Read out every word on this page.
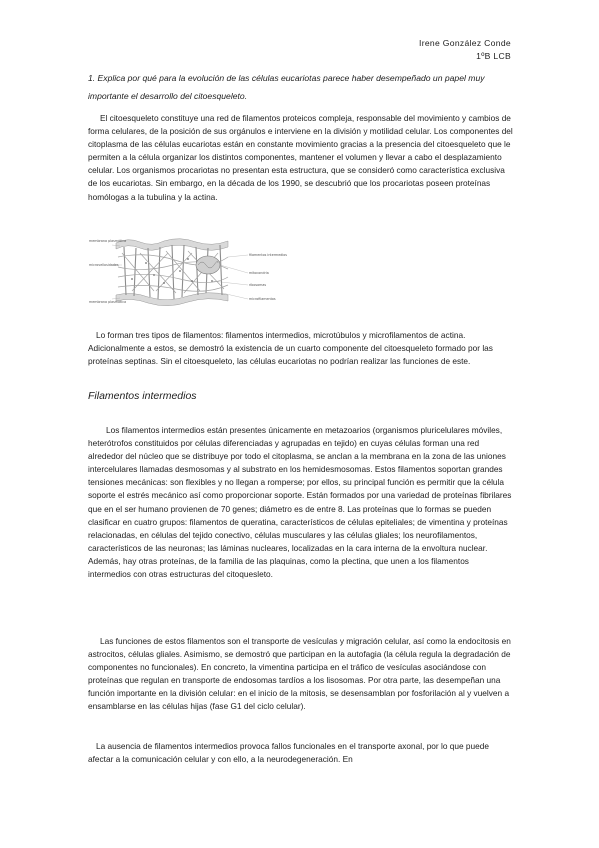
Irene González Conde
1ºB LCB

1. Explica por qué para la evolución de las células eucariotas parece haber desempeñado un papel muy importante el desarrollo del citoesqueleto.

El citoesqueleto constituye una red de filamentos proteicos compleja, responsable del movimiento y cambios de forma celulares, de la posición de sus orgánulos e interviene en la división y motilidad celular. Los componentes del citoplasma de las células eucariotas están en constante movimiento gracias a la presencia del citoesqueleto que le permiten a la célula organizar los distintos componentes, mantener el volumen y llevar a cabo el desplazamiento celular. Los organismos procariotas no presentan esta estructura, que se consideró como característica exclusiva de los eucariotas. Sin embargo, en la década de los 1990, se descubrió que los procariotas poseen proteínas homólogas a la tubulina y la actina.

membrana plasmática
microvellosidades
membrana plasmática
filamentos intermedios
mitocondria
ribosomas
microfilamentos

Lo forman tres tipos de filamentos: filamentos intermedios, microtúbulos y microfilamentos de actina. Adicionalmente a estos, se demostró la existencia de un cuarto componente del citoesqueleto formado por las proteínas septinas. Sin el citoesqueleto, las células eucariotas no podrían realizar las funciones de este.

Filamentos intermedios

Los filamentos intermedios están presentes únicamente en metazoarios (organismos pluricelulares móviles, heterótrofos constituidos por células diferenciadas y agrupadas en tejido) en cuyas células forman una red alrededor del núcleo que se distribuye por todo el citoplasma, se anclan a la membrana en la zona de las uniones intercelulares llamadas desmosomas y al substrato en los hemidesmosomas. Estos filamentos soportan grandes tensiones mecánicas: son flexibles y no llegan a romperse; por ellos, su principal función es permitir que la célula soporte el estrés mecánico así como proporcionar soporte. Están formados por una variedad de proteínas fibrilares que en el ser humano provienen de 70 genes; diámetro es de entre 8. Las proteínas que lo formas se pueden clasificar en cuatro grupos: filamentos de queratina, característicos de células epiteliales; de vimentina y proteínas relacionadas, en células del tejido conectivo, células musculares y las células gliales; los neurofilamentos, característicos de las neuronas; las láminas nucleares, localizadas en la cara interna de la envoltura nuclear. Además, hay otras proteínas, de la familia de las plaquinas, como la plectina, que unen a los filamentos intermedios con otras estructuras del citoquesleto.

Las funciones de estos filamentos son el transporte de vesículas y migración celular, así como la endocitosis en astrocitos, células gliales. Asimismo, se demostró que participan en la autofagia (la célula regula la degradación de componentes no funcionales). En concreto, la vimentina participa en el tráfico de vesículas asociándose con proteínas que regulan en transporte de endosomas tardíos a los lisosomas. Por otra parte, las desempeñan una función importante en la división celular: en el inicio de la mitosis, se desensamblan por fosforilación al y vuelven a ensamblarse en las células hijas (fase G1 del ciclo celular).

La ausencia de filamentos intermedios provoca fallos funcionales en el transporte axonal, por lo que puede afectar a la comunicación celular y con ello, a la neurodegeneración. En
